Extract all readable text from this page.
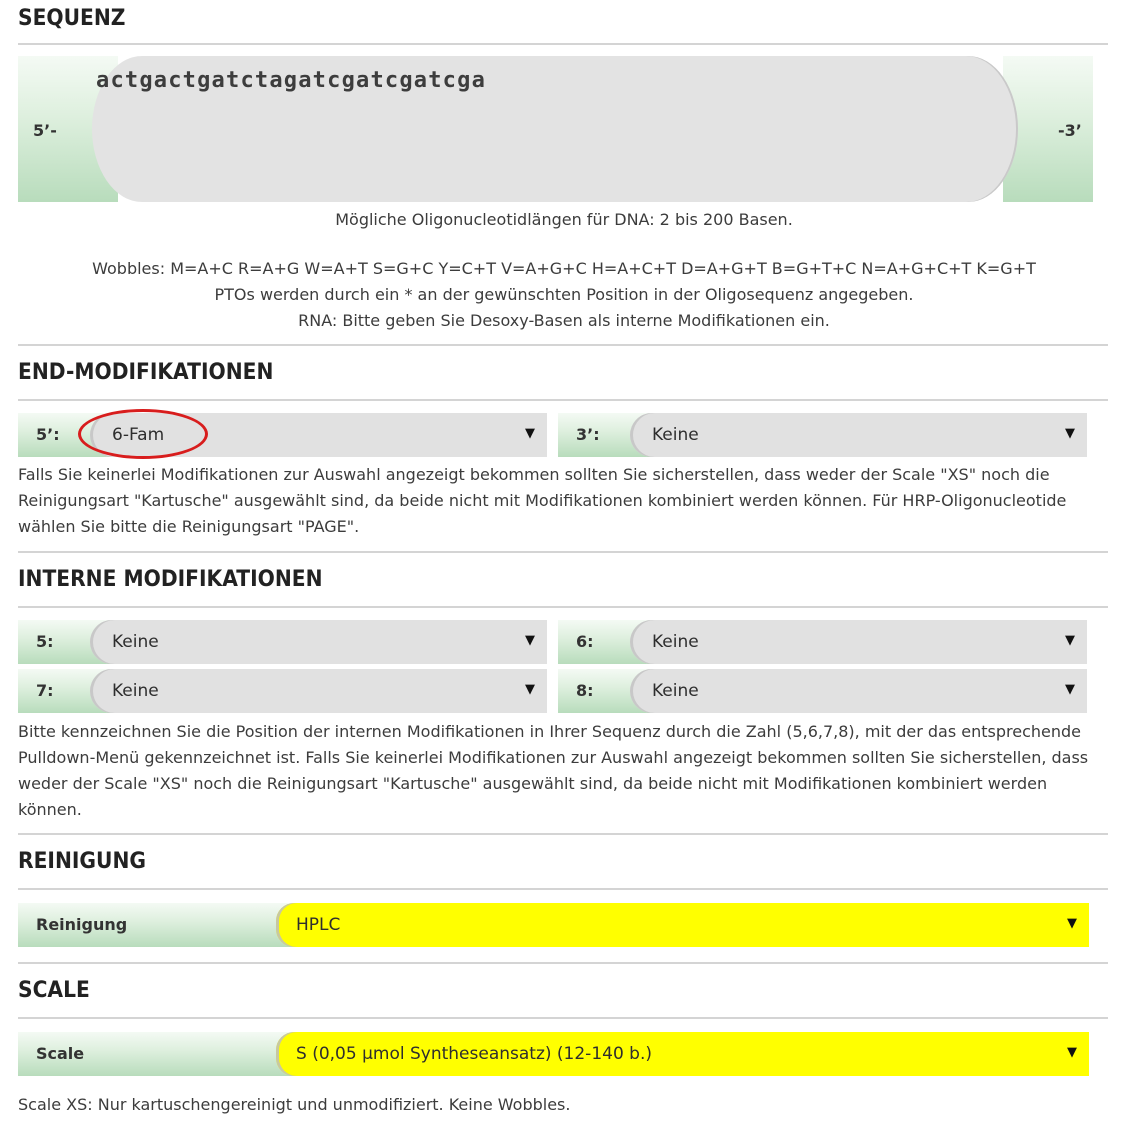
SEQUENZ
actgactgatctagatcgatcgatcga
5’-	-3’
Mögliche Oligonucleotidlängen für DNA: 2 bis 200 Basen.
Wobbles: M=A+C R=A+G W=A+T S=G+C Y=C+T V=A+G+C H=A+C+T D=A+G+T B=G+T+C N=A+G+C+T K=G+T
PTOs werden durch ein * an der gewünschten Position in der Oligosequenz angegeben.
RNA: Bitte geben Sie Desoxy-Basen als interne Modifikationen ein.
END-MODIFIKATIONEN
5’:	6-Fam	▼	3’:	Keine	▼
Falls Sie keinerlei Modifikationen zur Auswahl angezeigt bekommen sollten Sie sicherstellen, dass weder der Scale "XS" noch die Reinigungsart "Kartusche" ausgewählt sind, da beide nicht mit Modifikationen kombiniert werden können. Für HRP-Oligonucleotide wählen Sie bitte die Reinigungsart "PAGE".
INTERNE MODIFIKATIONEN
5:	Keine	▼	6:	Keine	▼
7:	Keine	▼	8:	Keine	▼
Bitte kennzeichnen Sie die Position der internen Modifikationen in Ihrer Sequenz durch die Zahl (5,6,7,8), mit der das entsprechende Pulldown-Menü gekennzeichnet ist. Falls Sie keinerlei Modifikationen zur Auswahl angezeigt bekommen sollten Sie sicherstellen, dass weder der Scale "XS" noch die Reinigungsart "Kartusche" ausgewählt sind, da beide nicht mit Modifikationen kombiniert werden können.
REINIGUNG
Reinigung	HPLC	▼
SCALE
Scale	S (0,05 µmol Syntheseansatz) (12-140 b.)	▼
Scale XS: Nur kartuschengereinigt und unmodifiziert. Keine Wobbles.
